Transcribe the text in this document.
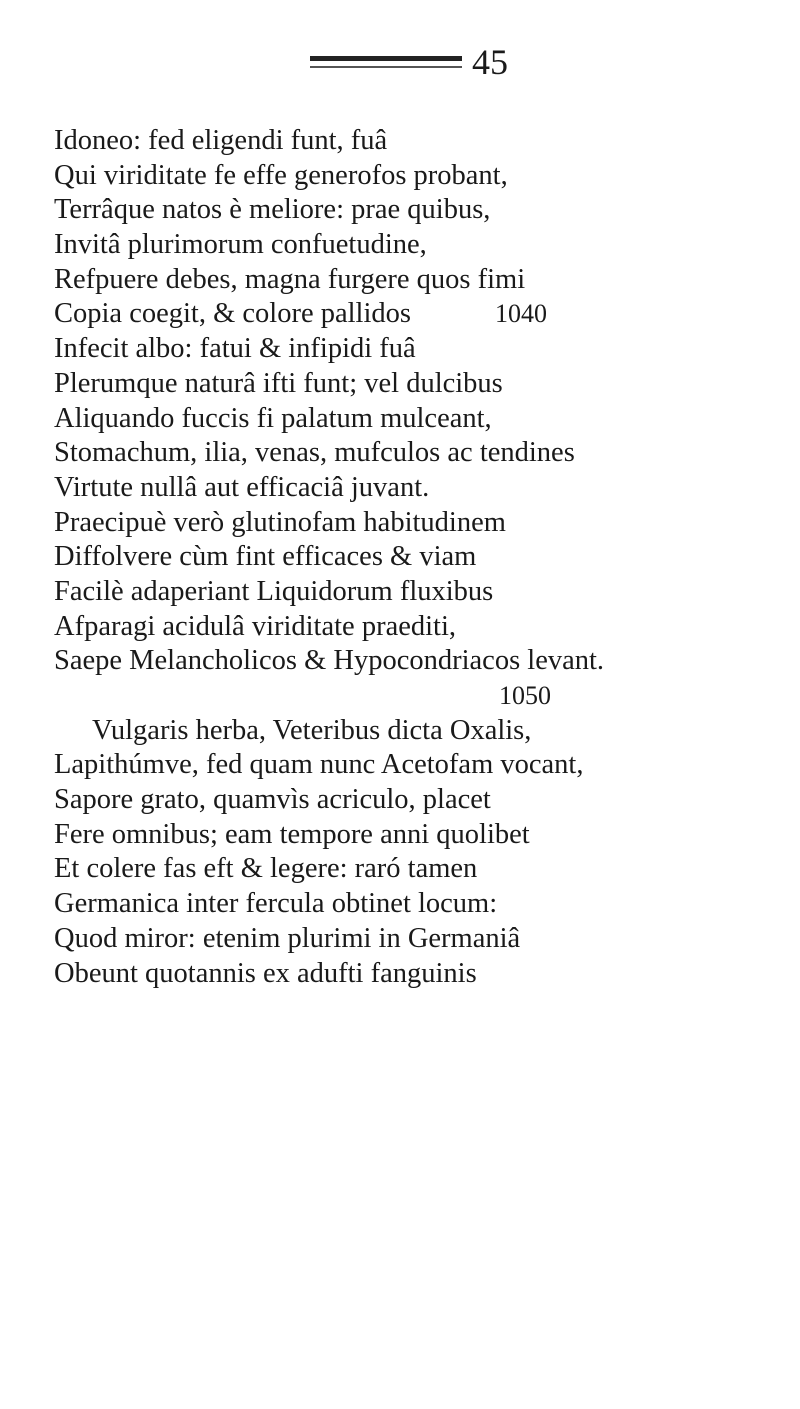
45
Idoneo: fed eligendi funt, fuâ
Qui viriditate fe effe generofos probant,
Terrâque natos è meliore: prae quibus,
Invitâ plurimorum confuetudine,
Refpuere debes, magna furgere quos fimi
Copia coegit, & colore pallidos	1040
Infecit albo: fatui & infipidi fuâ
Plerumque naturâ ifti funt; vel dulcibus
Aliquando fuccis fi palatum mulceant,
Stomachum, ilia, venas, mufculos ac tendines
Virtute nullâ aut efficaciâ juvant.
Praecipuè verò glutinofam habitudinem
Diffolvere cùm fint efficaces & viam
Facilè adaperiant Liquidorum fluxibus
Afparagi acidulâ viriditate praediti,
Saepe Melancholicos & Hypocondriacos levant.
1050
Vulgaris herba, Veteribus dicta Oxalis,
Lapithúmve, fed quam nunc Acetofam vocant,
Sapore grato, quamvìs acriculo, placet
Fere omnibus; eam tempore anni quolibet
Et colere fas eft & legere: raró tamen
Germanica inter fercula obtinet locum:
Quod miror: etenim plurimi in Germaniâ
Obeunt quotannis ex adufti fanguinis
